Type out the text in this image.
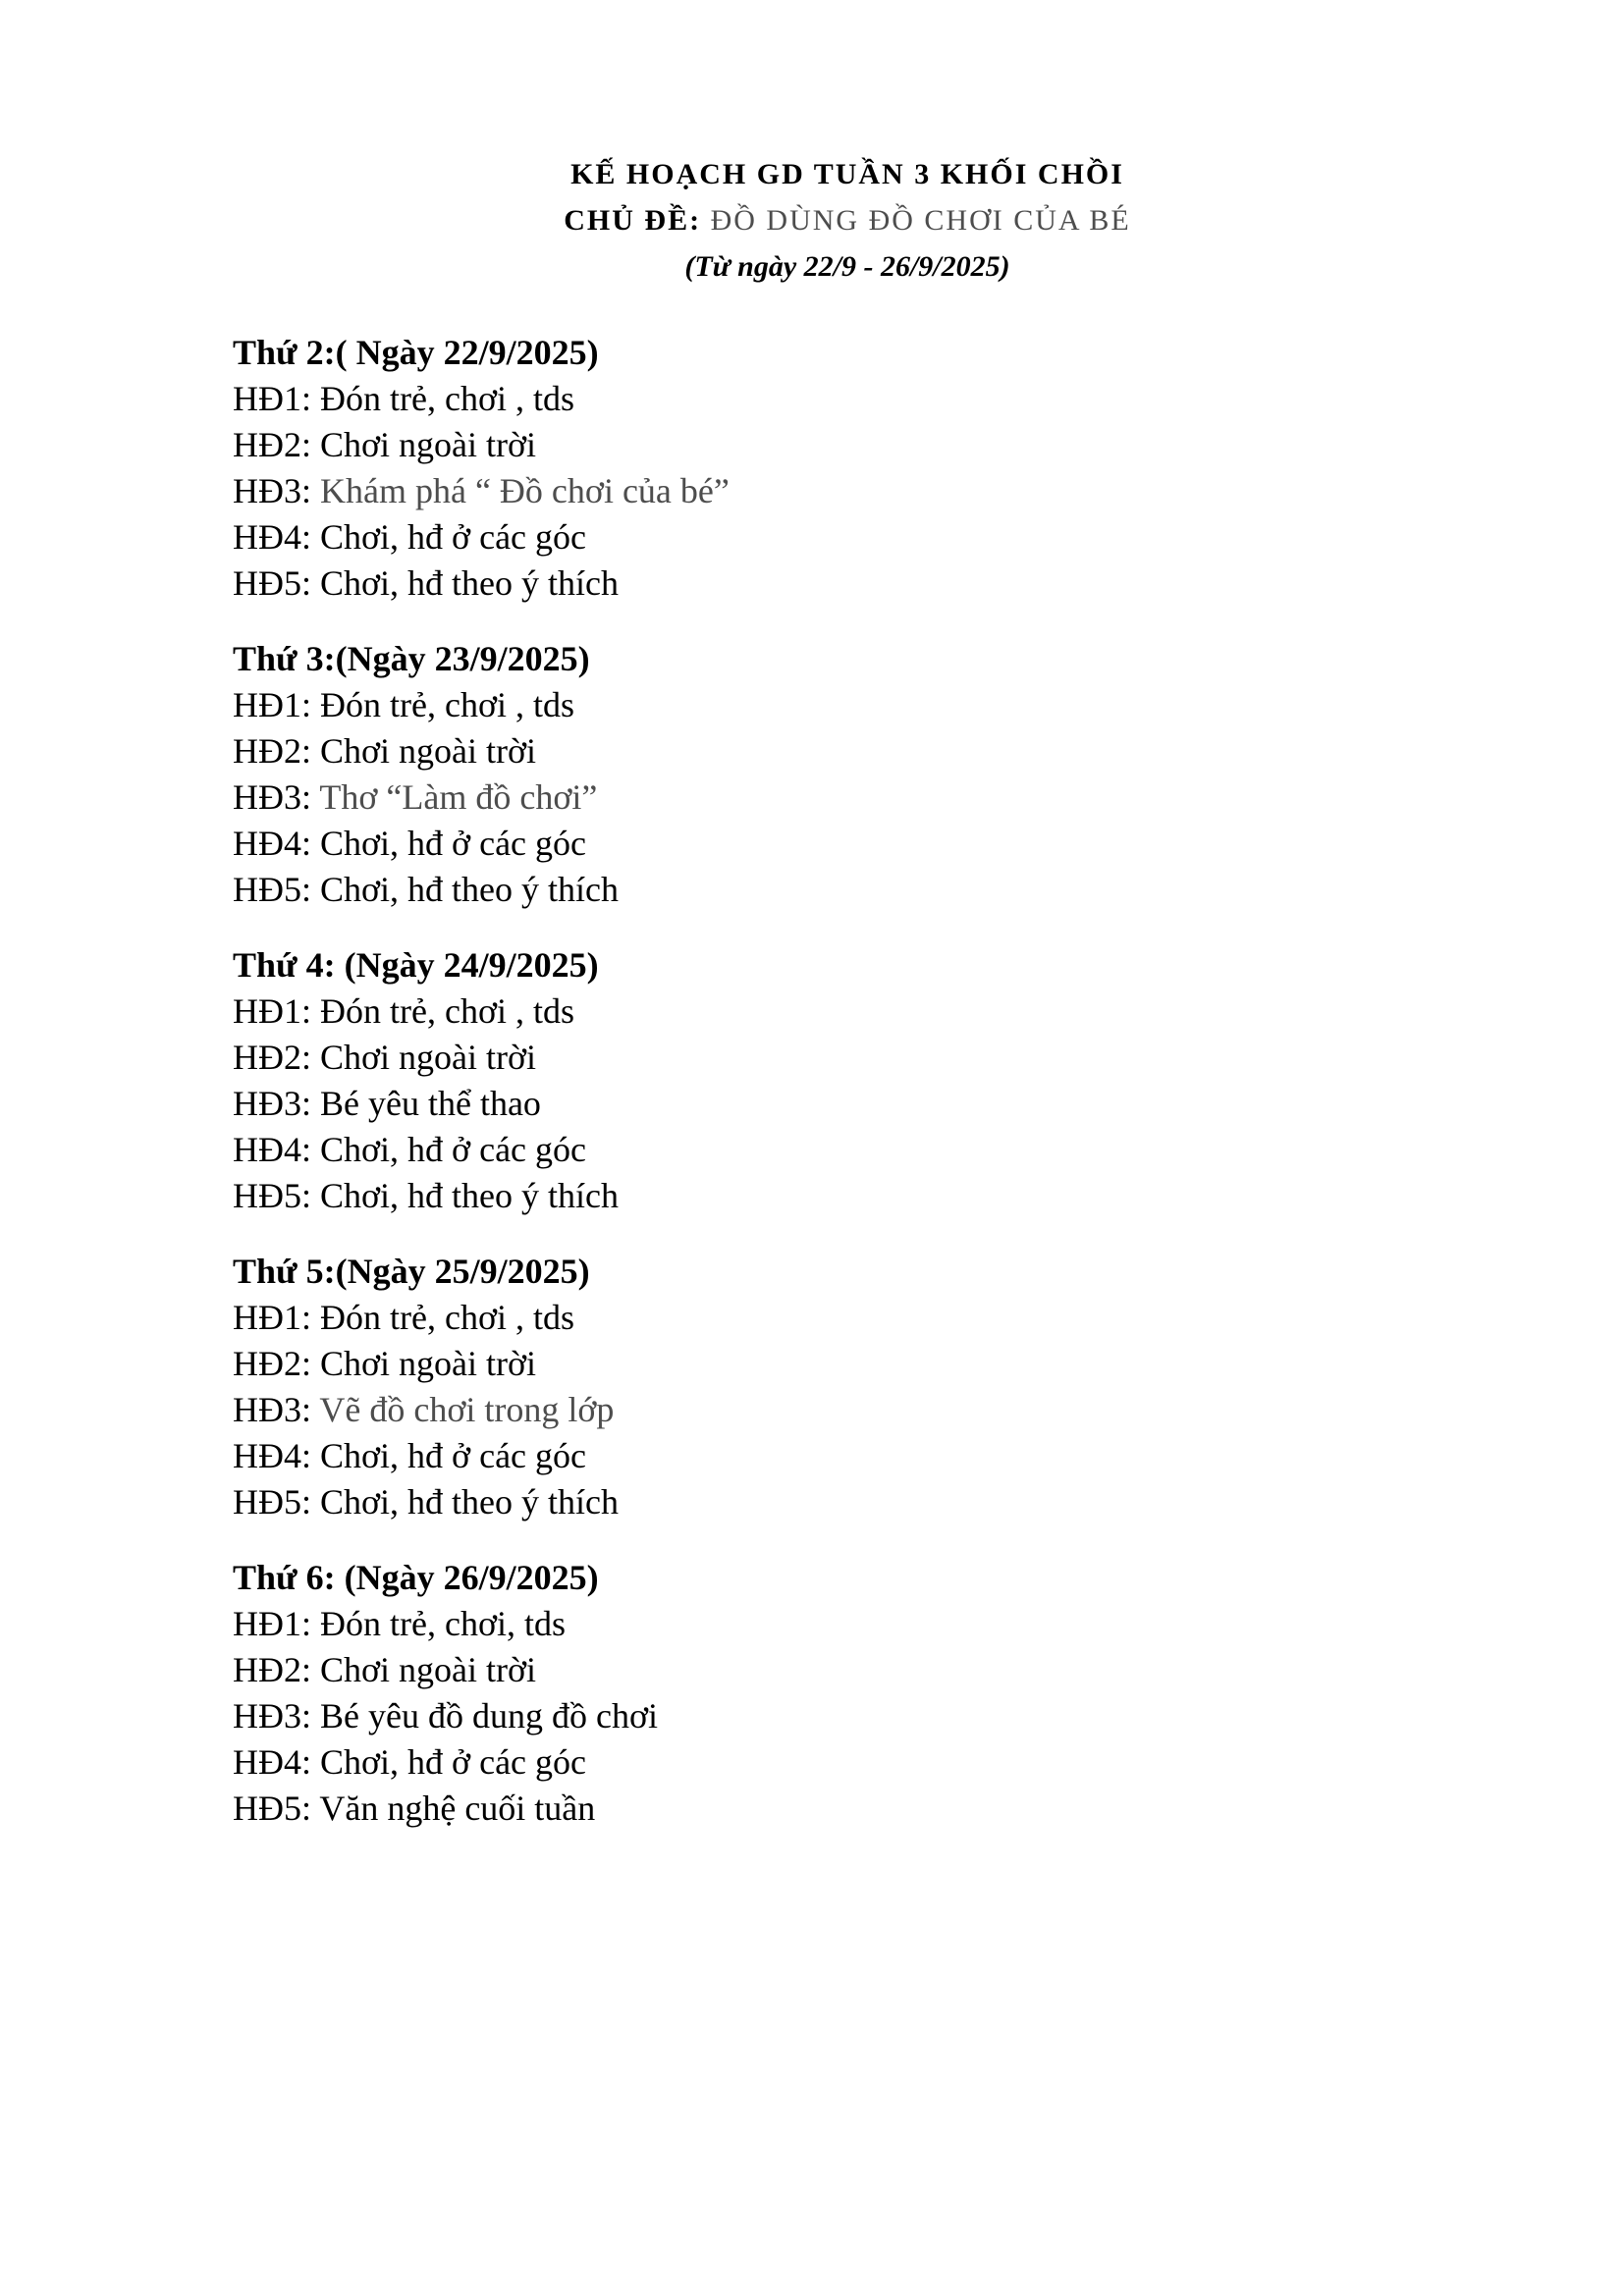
KẾ HOẠCH GD TUẦN 3 KHỐI CHỒI
CHỦ ĐỀ: ĐỒ DÙNG ĐỒ CHƠI CỦA BÉ
(Từ ngày 22/9 - 26/9/2025)
Thứ 2:( Ngày 22/9/2025)
HĐ1: Đón trẻ, chơi , tds
HĐ2: Chơi ngoài trời
HĐ3: Khám phá “ Đồ chơi của bé”
HĐ4: Chơi, hđ ở các góc
HĐ5: Chơi, hđ theo ý thích
Thứ 3:(Ngày 23/9/2025)
HĐ1: Đón trẻ, chơi , tds
HĐ2: Chơi ngoài trời
HĐ3: Thơ “Làm đồ chơi”
HĐ4: Chơi, hđ ở các góc
HĐ5: Chơi, hđ theo ý thích
Thứ 4: (Ngày 24/9/2025)
HĐ1: Đón trẻ, chơi , tds
HĐ2: Chơi ngoài trời
HĐ3: Bé yêu thể thao
HĐ4: Chơi, hđ ở các góc
HĐ5: Chơi, hđ theo ý thích
Thứ 5:(Ngày 25/9/2025)
HĐ1: Đón trẻ, chơi , tds
HĐ2: Chơi ngoài trời
HĐ3: Vẽ đồ chơi trong lớp
HĐ4: Chơi, hđ ở các góc
HĐ5: Chơi, hđ theo ý thích
Thứ 6: (Ngày 26/9/2025)
HĐ1: Đón trẻ, chơi, tds
HĐ2: Chơi ngoài trời
HĐ3: Bé yêu đồ dung đồ chơi
HĐ4: Chơi, hđ ở các góc
HĐ5: Văn nghệ cuối tuần
